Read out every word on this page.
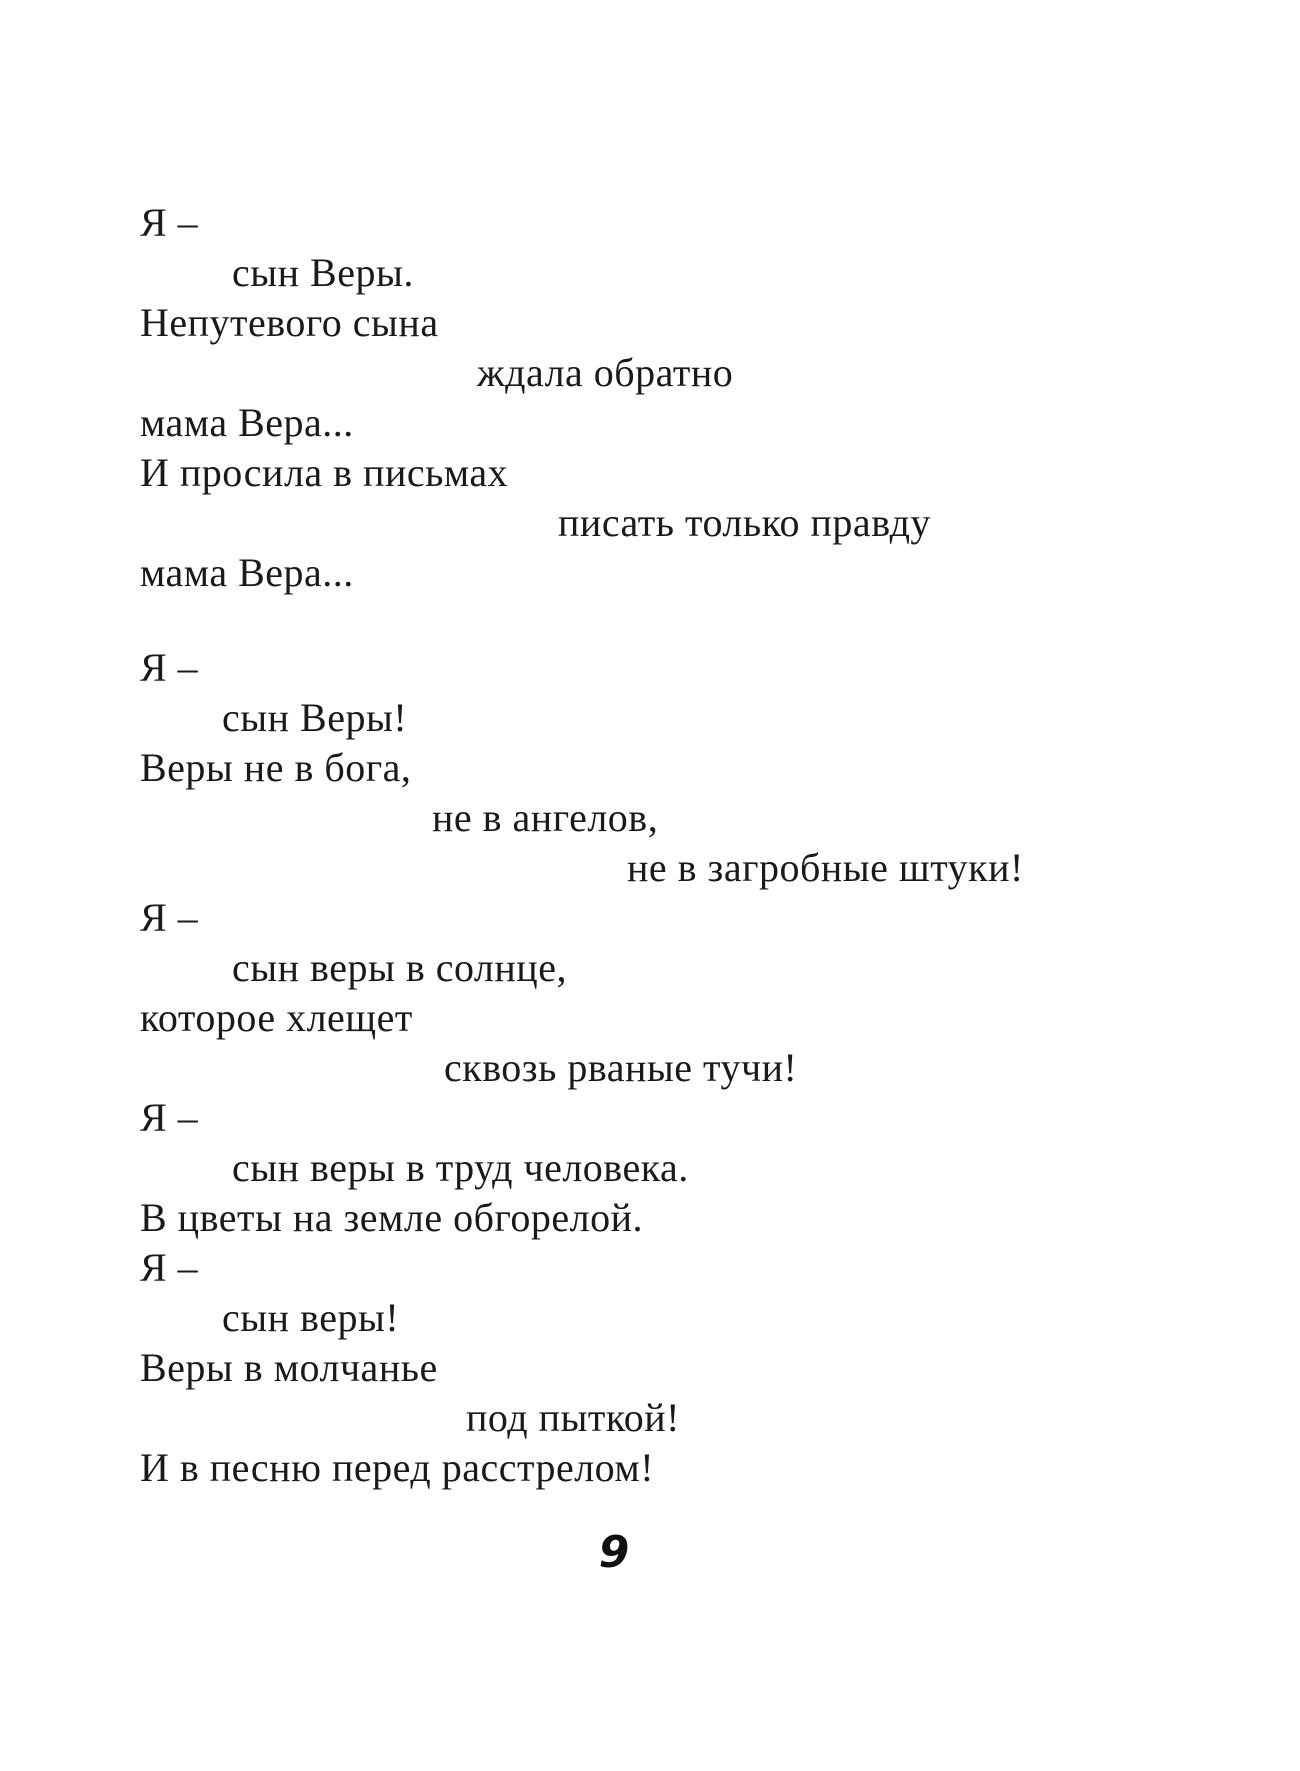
Я –
сын Веры.
Непутевого сына
ждала обратно
мама Вера...
И просила в письмах
писать только правду
мама Вера...
Я –
сын Веры!
Веры не в бога,
не в ангелов,
не в загробные штуки!
Я –
сын веры в солнце,
которое хлещет
сквозь рваные тучи!
Я –
сын веры в труд человека.
В цветы на земле обгорелой.
Я –
сын веры!
Веры в молчанье
под пыткой!
И в песню перед расстрелом!
9
